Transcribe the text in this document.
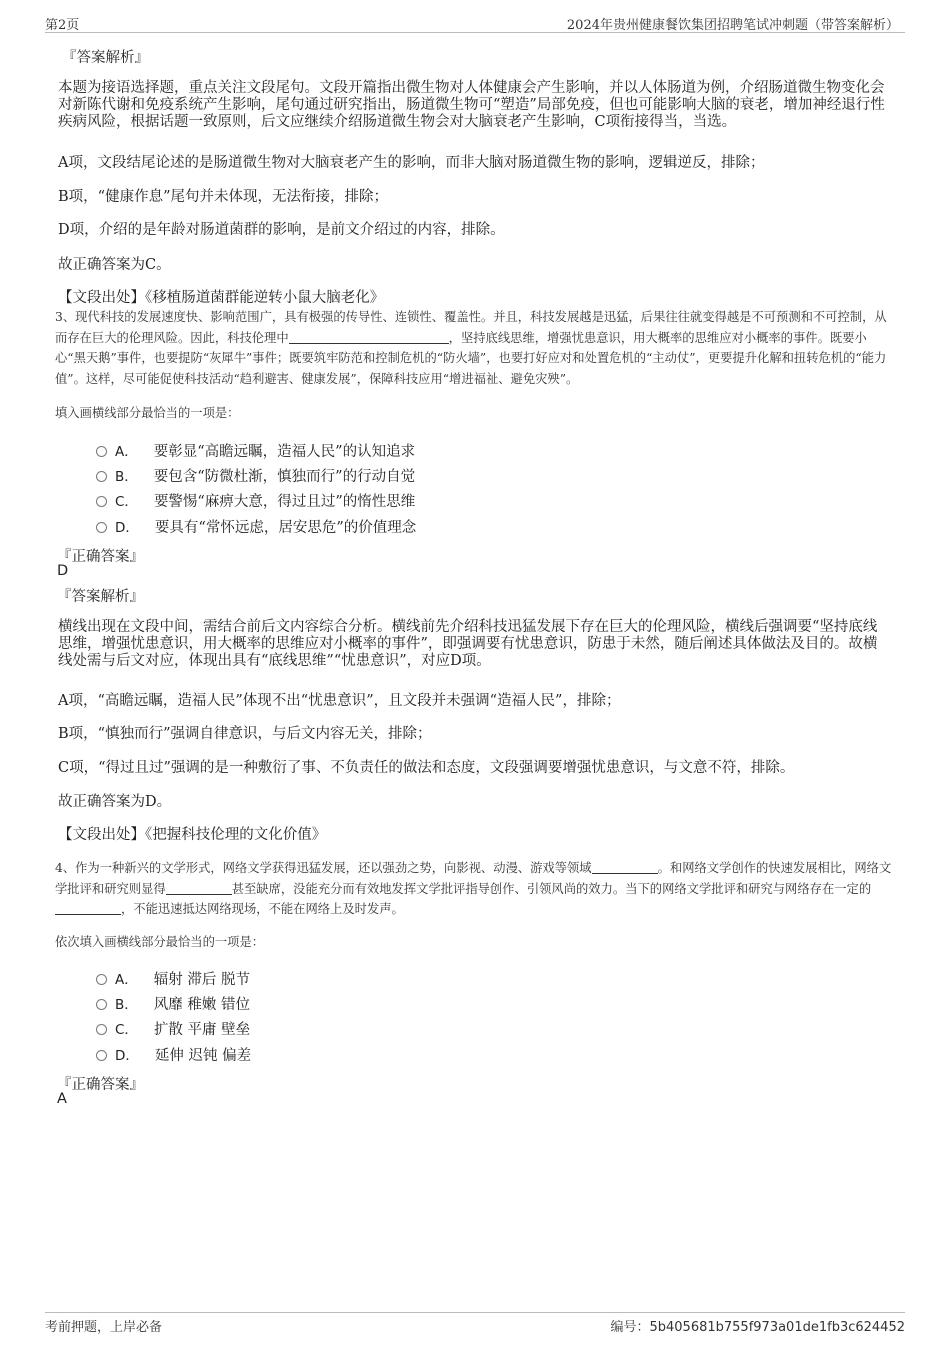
第2页	2024年贵州健康餐饮集团招聘笔试冲刺题（带答案解析）
『答案解析』
本题为接语选择题，重点关注文段尾句。文段开篇指出微生物对人体健康会产生影响，并以人体肠道为例，介绍肠道微生物变化会对新陈代谢和免疫系统产生影响，尾句通过研究指出，肠道微生物可“塑造”局部免疫，但也可能影响大脑的衰老，增加神经退行性疾病风险，根据话题一致原则，后文应继续介绍肠道微生物会对大脑衰老产生影响，C项衔接得当，当选。
A项，文段结尾论述的是肠道微生物对大脑衰老产生的影响，而非大脑对肠道微生物的影响，逻辑逆反，排除；
B项，“健康作息”尾句并未体现，无法衔接，排除；
D项，介绍的是年龄对肠道菌群的影响，是前文介绍过的内容，排除。
故正确答案为C。
【文段出处】《移植肠道菌群能逆转小鼠大脑老化》
3、现代科技的发展速度快、影响范围广，具有极强的传导性、连锁性、覆盖性。并且，科技发展越是迅猛，后果往往就变得越是不可预测和不可控制，从而存在巨大的伦理风险。因此，科技伦理中	，坚持底线思维，增强忧患意识，用大概率的思维应对小概率的事件。既要小心“黑天鹅”事件，也要提防“灰犀牛”事件；既要筑牢防范和控制危机的“防火墙”，也要打好应对和处置危机的“主动仗”，更要提升化解和扭转危机的“能力值”。这样，尽可能促使科技活动“趋利避害、健康发展”，保障科技应用“增进福祉、避免灾殃”。
填入画横线部分最恰当的一项是：
A． 要彰显“高瞻远瞩，造福人民”的认知追求
B． 要包含“防微杜渐，慎独而行”的行动自觉
C． 要警惕“麻痹大意，得过且过”的惰性思维
D． 要具有“常怀远虑，居安思危”的价值理念
『正确答案』
D
『答案解析』
横线出现在文段中间，需结合前后文内容综合分析。横线前先介绍科技迅猛发展下存在巨大的伦理风险，横线后强调要“坚持底线思维，增强忧患意识，用大概率的思维应对小概率的事件”，即强调要有忧患意识，防患于未然，随后阐述具体做法及目的。故横线处需与后文对应，体现出具有“底线思维”“忧患意识”，对应D项。
A项，“高瞻远瞩，造福人民”体现不出“忧患意识”，且文段并未强调“造福人民”，排除；
B项，“慎独而行”强调自律意识，与后文内容无关，排除；
C项，“得过且过”强调的是一种敷衍了事、不负责任的做法和态度，文段强调要增强忧患意识，与文意不符，排除。
故正确答案为D。
【文段出处】《把握科技伦理的文化价值》
4、作为一种新兴的文学形式，网络文学获得迅猛发展，还以强劲之势，向影视、动漫、游戏等领域	。和网络文学创作的快速发展相比，网络文学批评和研究则显得	甚至缺席，没能充分而有效地发挥文学批评指导创作、引领风尚的效力。当下的网络文学批评和研究与网络存在一定的，不能迅速抵达网络现场，不能在网络上及时发声。
依次填入画横线部分最恰当的一项是：
A． 辐射 滞后 脱节
B． 风靡 稚嫩 错位
C． 扩散 平庸 壁垒
D． 延伸 迟钝 偏差
『正确答案』
A
考前押题，上岸必备	编号：5b405681b755f973a01de1fb3c624452
